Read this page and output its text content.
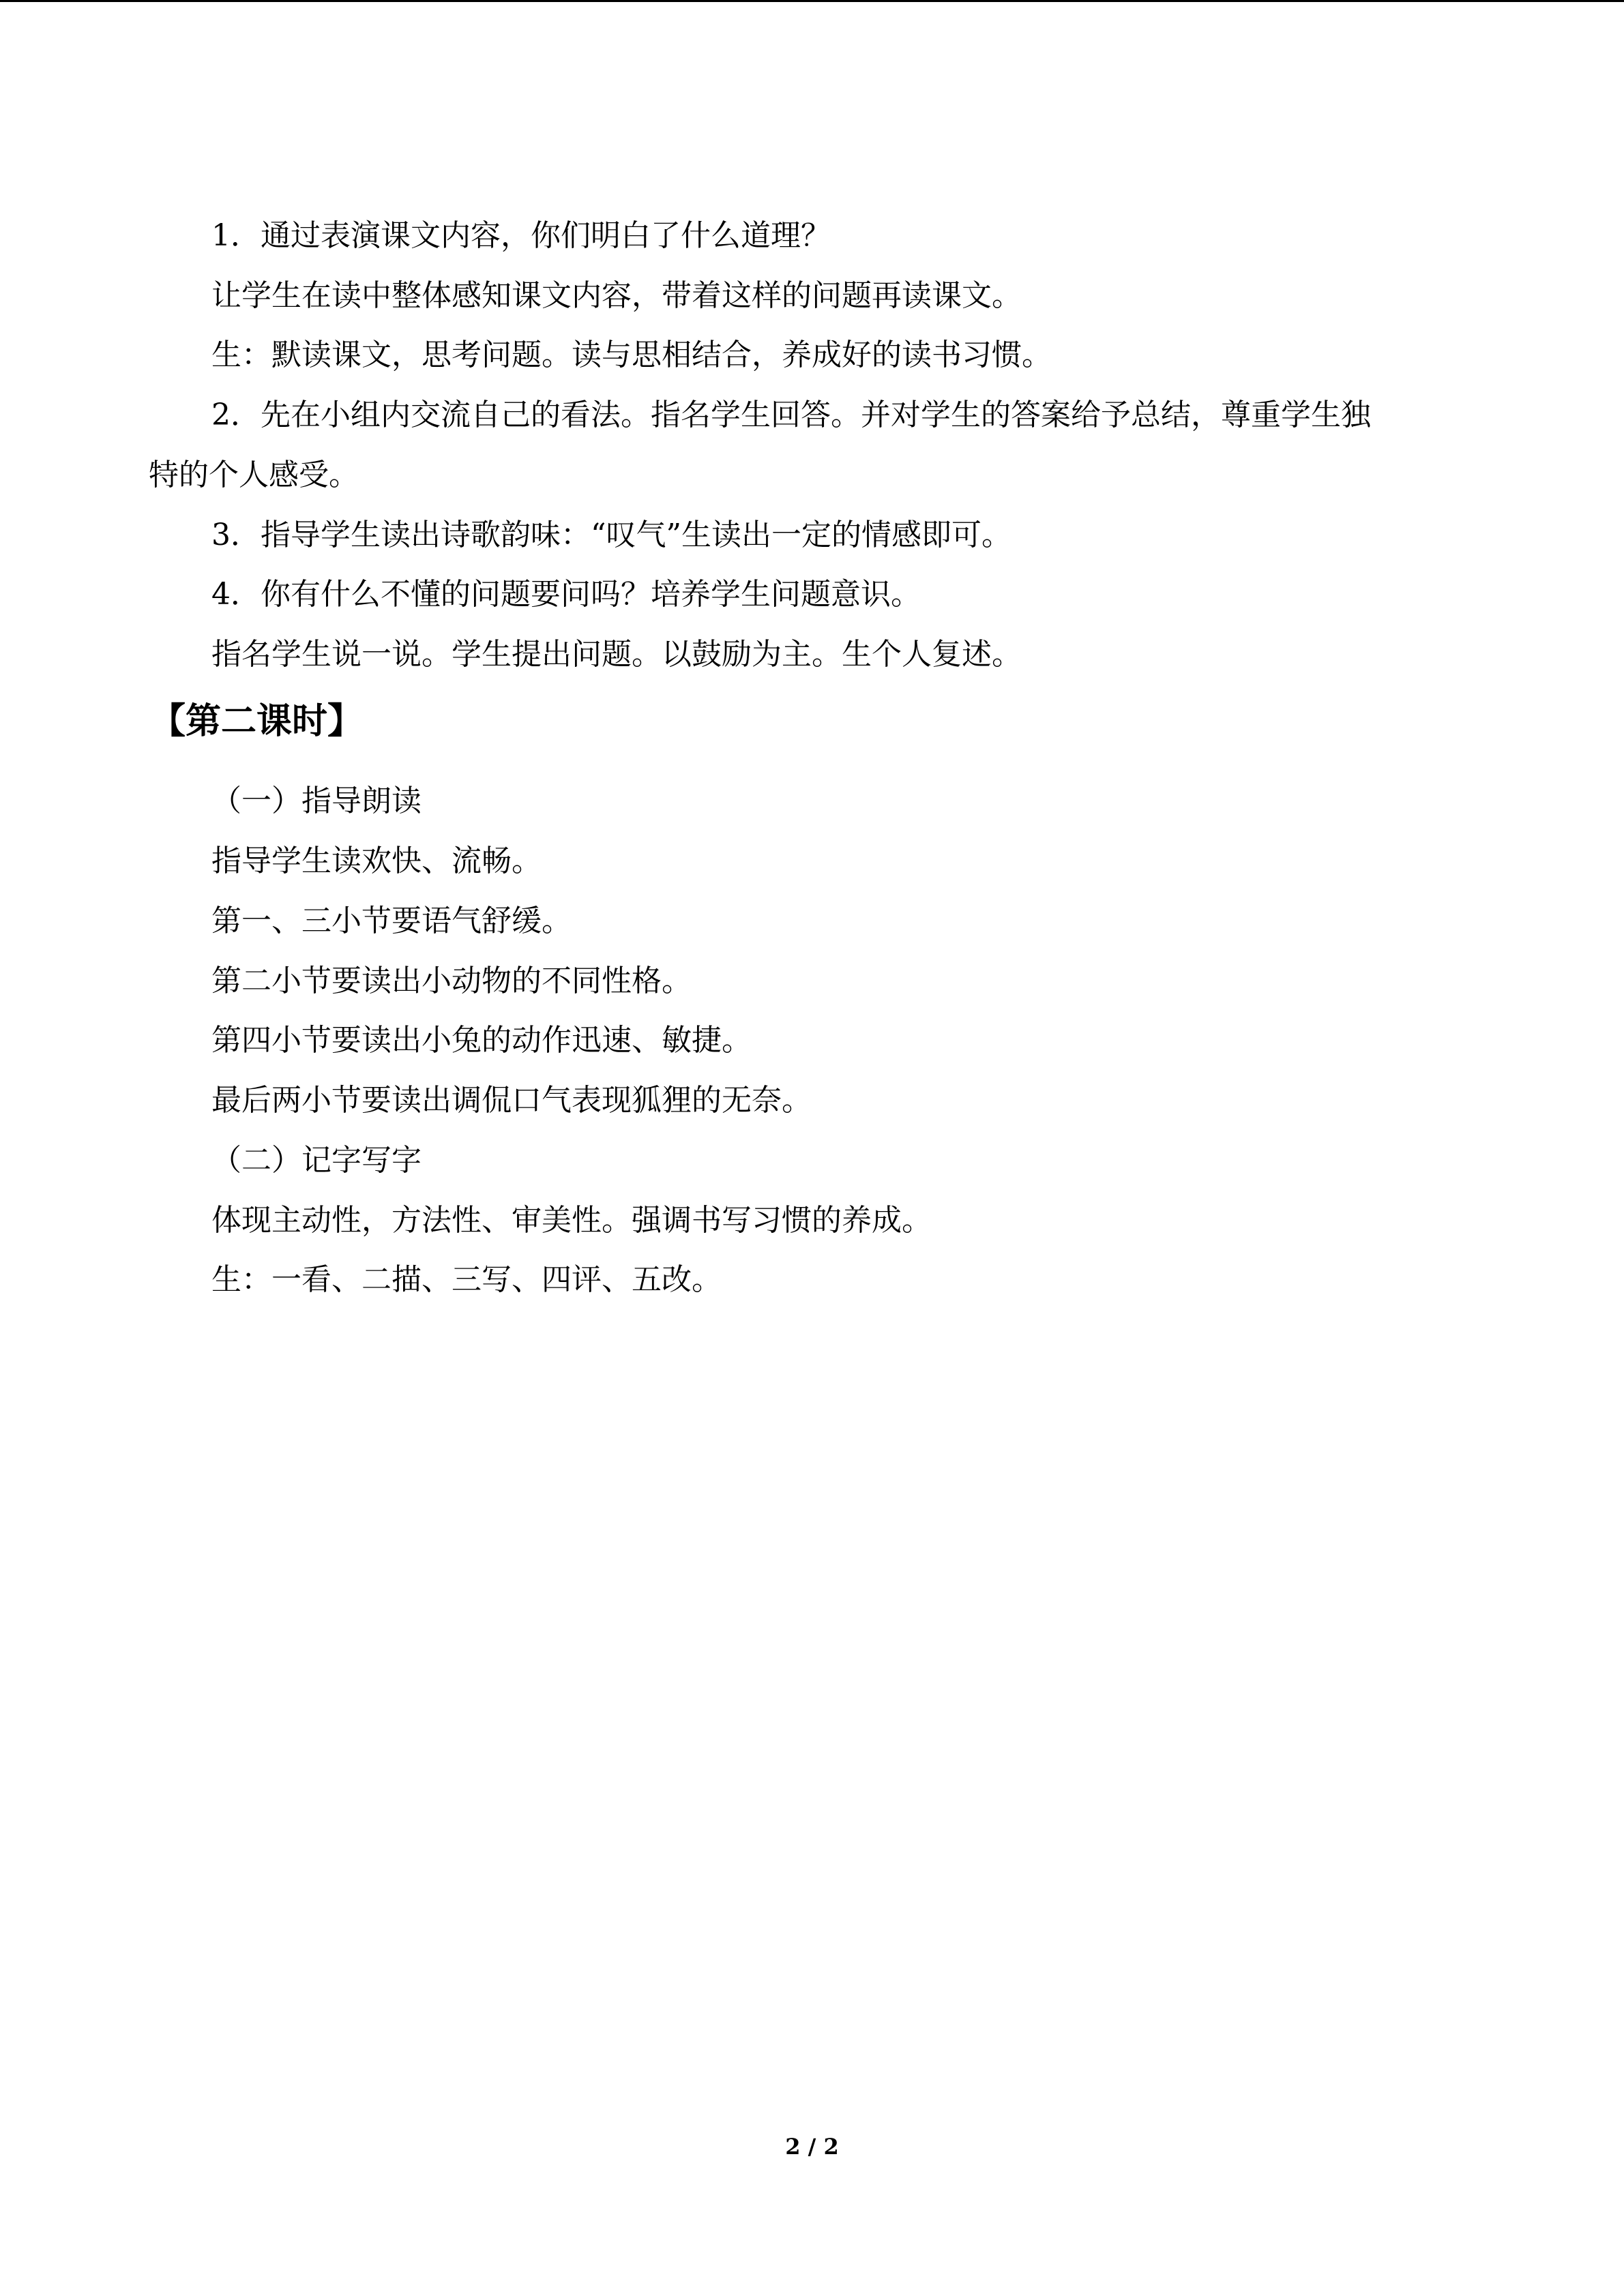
1．通过表演课文内容，你们明白了什么道理？
让学生在读中整体感知课文内容，带着这样的问题再读课文。
生：默读课文，思考问题。读与思相结合，养成好的读书习惯。
2．先在小组内交流自己的看法。指名学生回答。并对学生的答案给予总结，尊重学生独
特的个人感受。
3．指导学生读出诗歌韵味：“叹气”生读出一定的情感即可。
4．你有什么不懂的问题要问吗？培养学生问题意识。
指名学生说一说。学生提出问题。以鼓励为主。生个人复述。
【第二课时】
（一）指导朗读
指导学生读欢快、流畅。
第一、三小节要语气舒缓。
第二小节要读出小动物的不同性格。
第四小节要读出小兔的动作迅速、敏捷。
最后两小节要读出调侃口气表现狐狸的无奈。
（二）记字写字
体现主动性，方法性、审美性。强调书写习惯的养成。
生：一看、二描、三写、四评、五改。
2 / 2
